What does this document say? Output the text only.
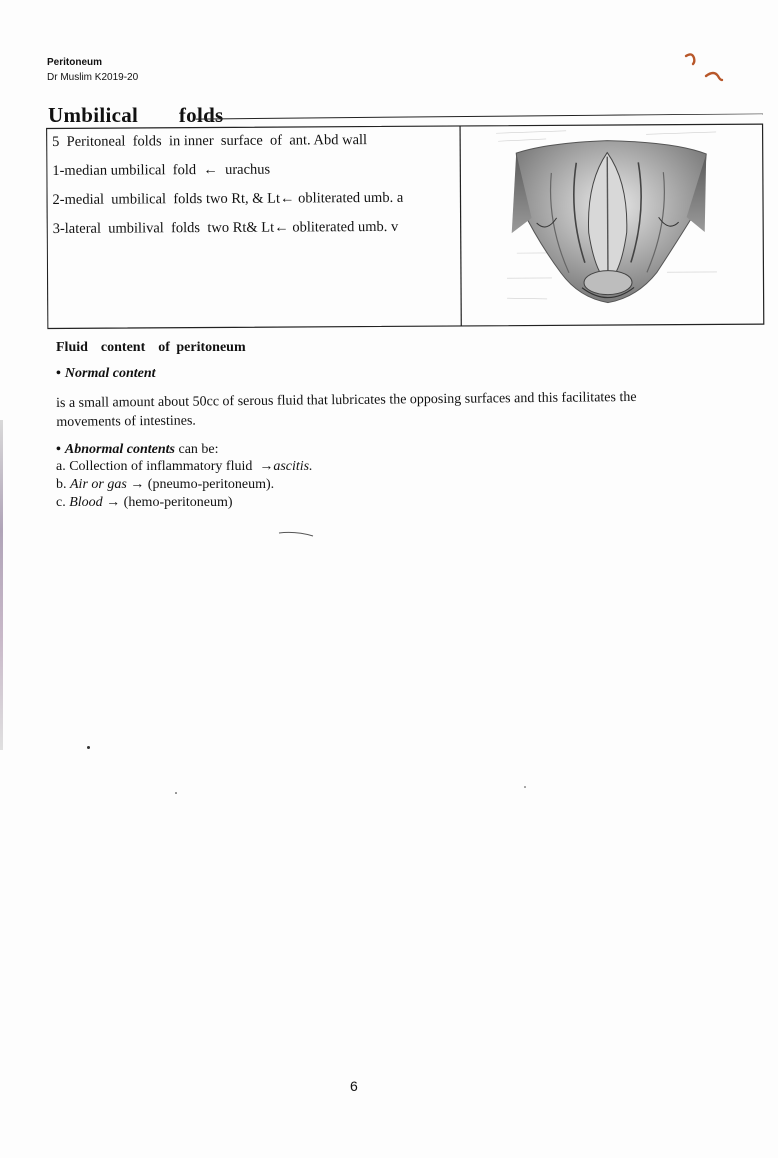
Peritoneum
Dr Muslim K2019-20
Umbilical   folds
5  Peritoneal  folds  in inner  surface  of  ant. Abd wall
1-median umbilical  fold  ←  urachus
2-medial  umbilical  folds two Rt, & Lt← obliterated umb. a
3-lateral  umbilival  folds  two Rt& Lt← obliterated umb. v
Fluid  content  of peritoneum
• Normal content
is a small amount about 50cc of serous fluid that lubricates the opposing surfaces and this facilitates the movements of intestines.
• Abnormal contents can be:
a. Collection of inflammatory fluid  →ascitis.
b. Air or gas → (pneumo-peritoneum).
c. Blood → (hemo-peritoneum)
6
